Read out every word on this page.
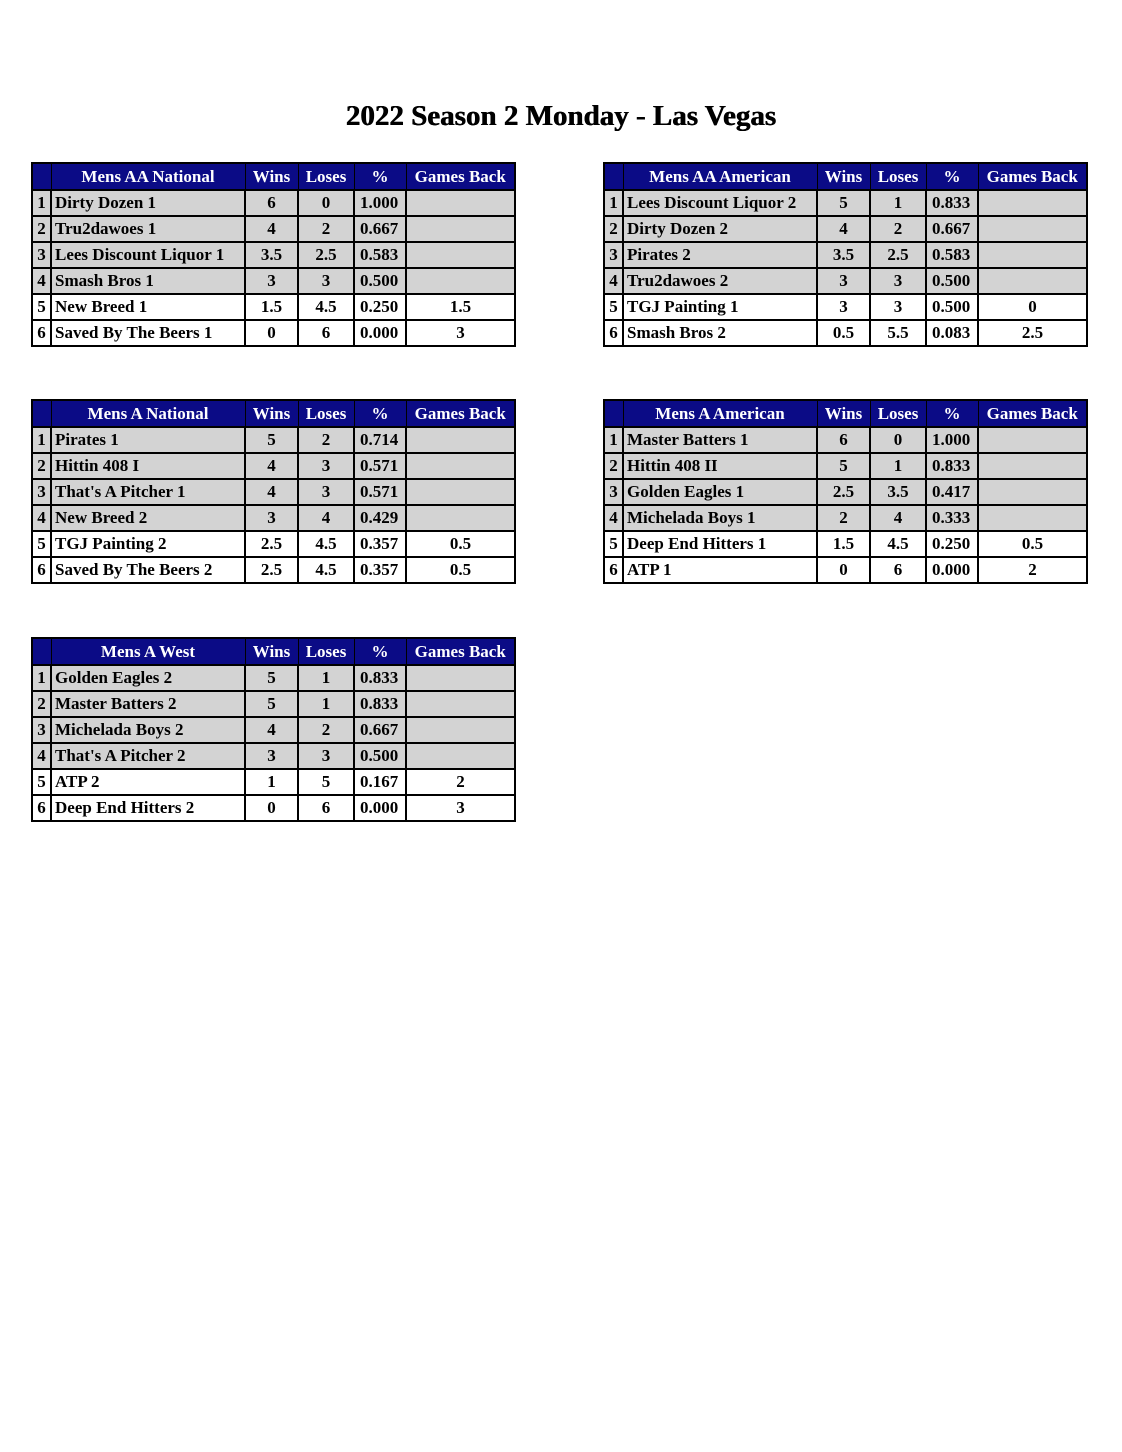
2022 Season 2 Monday - Las Vegas
	Mens AA National	Wins	Loses	%	Games Back
1	Dirty Dozen 1	6	0	1.000	
2	Tru2dawoes 1	4	2	0.667	
3	Lees Discount Liquor 1	3.5	2.5	0.583	
4	Smash Bros 1	3	3	0.500	
5	New Breed 1	1.5	4.5	0.250	1.5
6	Saved By The Beers 1	0	6	0.000	3
	Mens AA American	Wins	Loses	%	Games Back
1	Lees Discount Liquor 2	5	1	0.833	
2	Dirty Dozen 2	4	2	0.667	
3	Pirates 2	3.5	2.5	0.583	
4	Tru2dawoes 2	3	3	0.500	
5	TGJ Painting 1	3	3	0.500	0
6	Smash Bros 2	0.5	5.5	0.083	2.5
	Mens A National	Wins	Loses	%	Games Back
1	Pirates 1	5	2	0.714	
2	Hittin 408 I	4	3	0.571	
3	That's A Pitcher 1	4	3	0.571	
4	New Breed 2	3	4	0.429	
5	TGJ Painting 2	2.5	4.5	0.357	0.5
6	Saved By The Beers 2	2.5	4.5	0.357	0.5
	Mens A American	Wins	Loses	%	Games Back
1	Master Batters 1	6	0	1.000	
2	Hittin 408 II	5	1	0.833	
3	Golden Eagles 1	2.5	3.5	0.417	
4	Michelada Boys 1	2	4	0.333	
5	Deep End Hitters 1	1.5	4.5	0.250	0.5
6	ATP 1	0	6	0.000	2
	Mens A West	Wins	Loses	%	Games Back
1	Golden Eagles 2	5	1	0.833	
2	Master Batters 2	5	1	0.833	
3	Michelada Boys 2	4	2	0.667	
4	That's A Pitcher 2	3	3	0.500	
5	ATP 2	1	5	0.167	2
6	Deep End Hitters 2	0	6	0.000	3
